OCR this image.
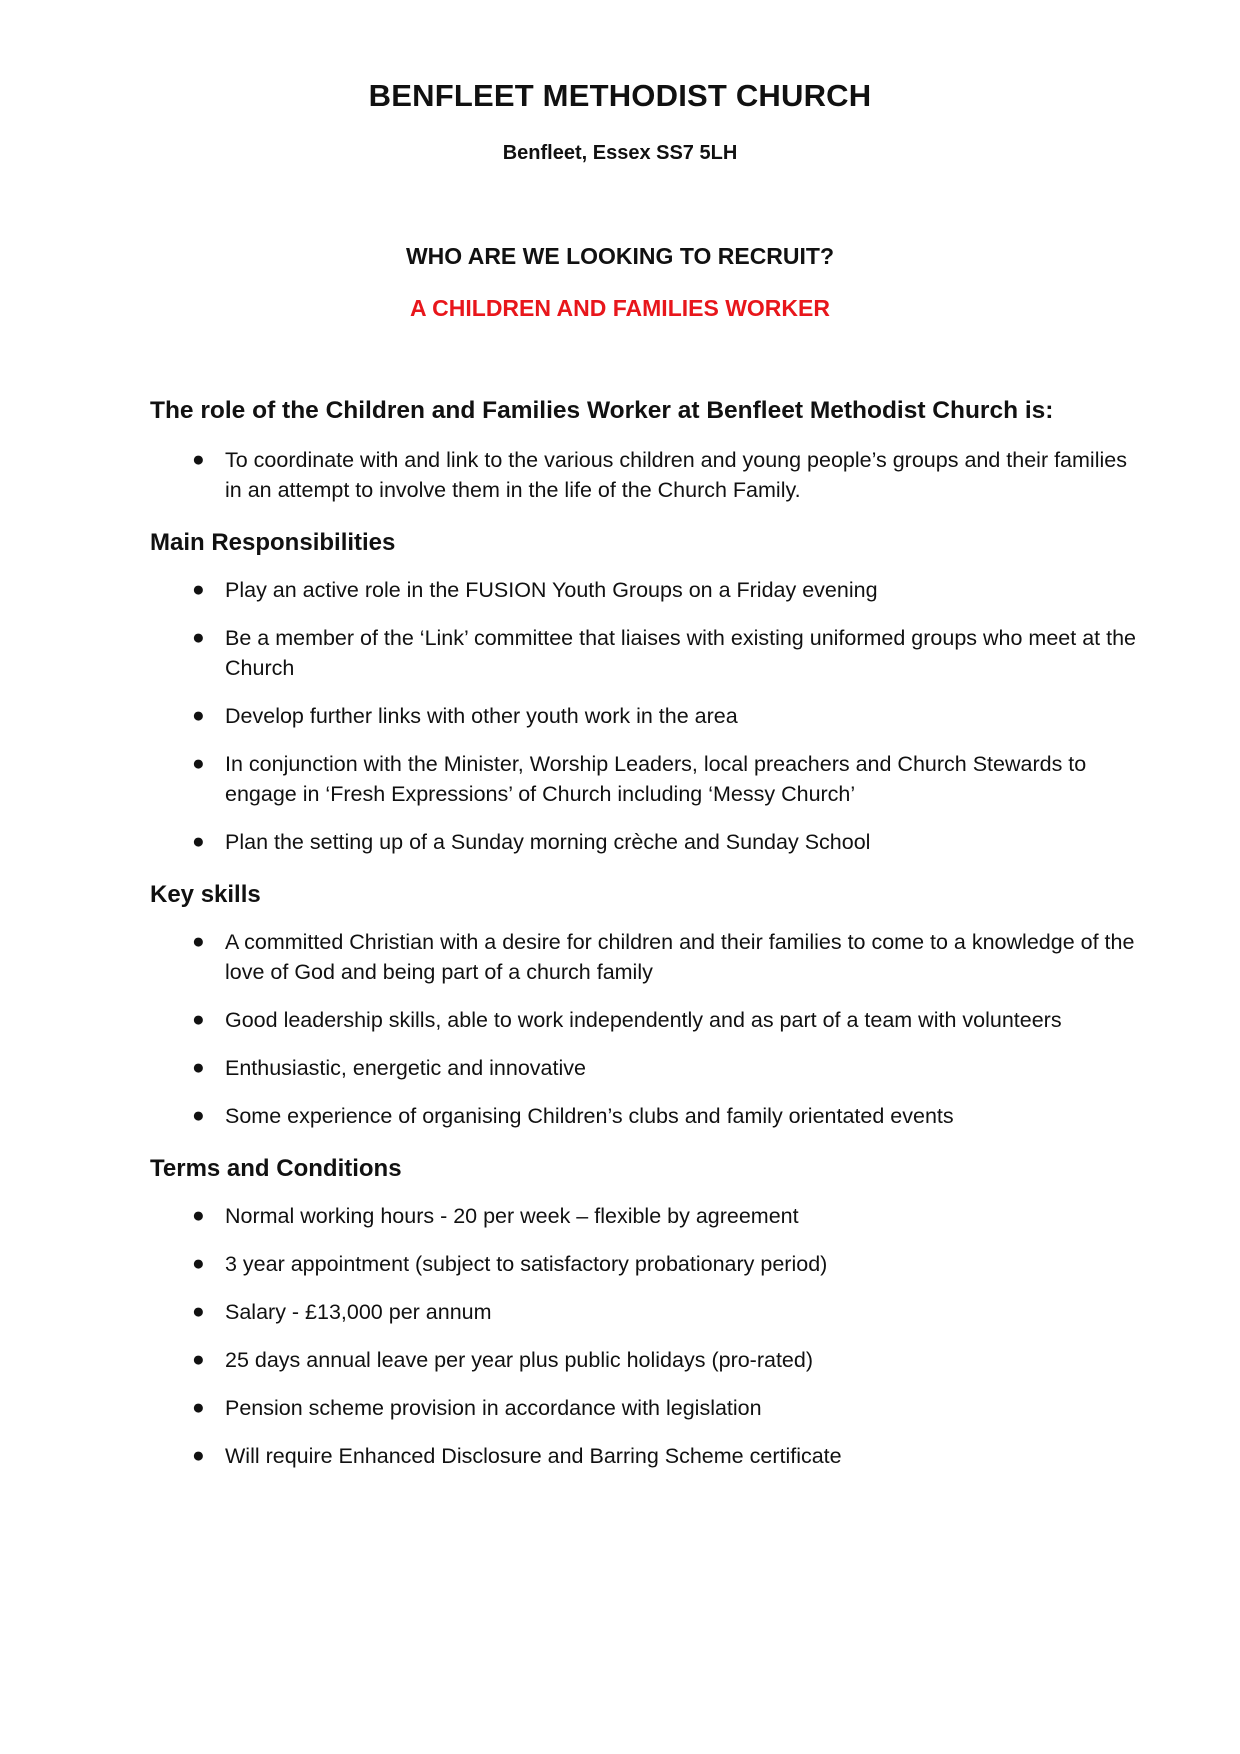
BENFLEET METHODIST CHURCH
Benfleet, Essex SS7 5LH
WHO ARE WE LOOKING TO RECRUIT?
A CHILDREN AND FAMILIES WORKER
The role of the Children and Families Worker at Benfleet Methodist Church is:
● To coordinate with and link to the various children and young people’s groups and their families in an attempt to involve them in the life of the Church Family.
Main Responsibilities
● Play an active role in the FUSION Youth Groups on a Friday evening
● Be a member of the ‘Link’ committee that liaises with existing uniformed groups who meet at the Church
● Develop further links with other youth work in the area
● In conjunction with the Minister, Worship Leaders, local preachers and Church Stewards to engage in ‘Fresh Expressions’ of Church including ‘Messy Church’
● Plan the setting up of a Sunday morning crèche and Sunday School
Key skills
● A committed Christian with a desire for children and their families to come to a knowledge of the love of God and being part of a church family
● Good leadership skills, able to work independently and as part of a team with volunteers
● Enthusiastic, energetic and innovative
● Some experience of organising Children’s clubs and family orientated events
Terms and Conditions
● Normal working hours - 20 per week – flexible by agreement
● 3 year appointment (subject to satisfactory probationary period)
● Salary - £13,000 per annum
● 25 days annual leave per year plus public holidays (pro-rated)
● Pension scheme provision in accordance with legislation
● Will require Enhanced Disclosure and Barring Scheme certificate
